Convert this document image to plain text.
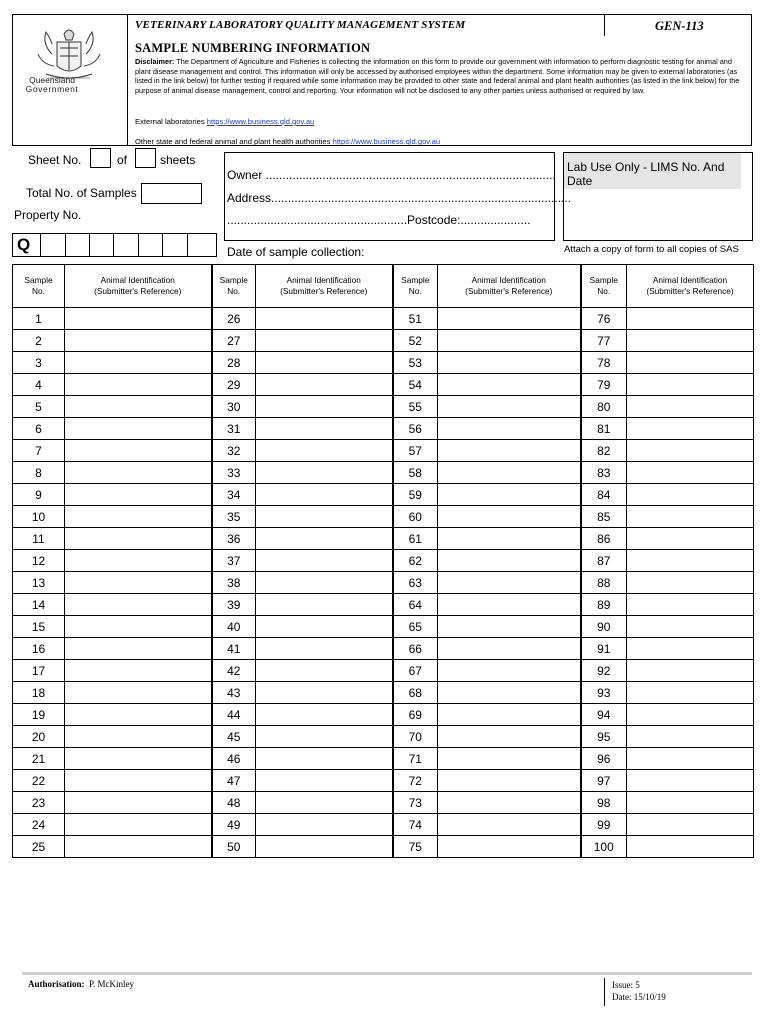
Queensland
Government
VETERINARY LABORATORY QUALITY MANAGEMENT SYSTEM	GEN-113
SAMPLE NUMBERING INFORMATION
Disclaimer: The Department of Agriculture and Fisheries is collecting the information on this form to provide our government with information to perform diagnostic testing for animal and plant disease management and control. This information will only be accessed by authorised employees within the department. Some information may be given to external laboratories (as listed in the link below) for further testing if required while some information may be provided to other state and federal animal and plant health authorities (as listed in the link below) for the purpose of animal disease management, control and reporting. Your information will not be disclosed to any other parties unless authorised or required by law.
External laboratories https://www.business.qld.gov.au
Other state and federal animal and plant health authorities https://www.business.qld.gov.au
Sheet No.	of	sheets
Total No. of Samples
Property No.
Q
Owner .......................................................................................
Address..........................................................................................
......................................................Postcode:.....................
Date of sample collection:
Lab Use Only - LIMS No. And Date
Attach a copy of form to all copies of SAS
Sample
No.	Animal Identification
(Submitter's Reference)	Sample
No.	Animal Identification
(Submitter's Reference)	Sample
No.	Animal Identification
(Submitter's Reference)	Sample
No.	Animal Identification
(Submitter's Reference)
1		26		51		76	
2		27		52		77	
3		28		53		78	
4		29		54		79	
5		30		55		80	
6		31		56		81	
7		32		57		82	
8		33		58		83	
9		34		59		84	
10		35		60		85	
11		36		61		86	
12		37		62		87	
13		38		63		88	
14		39		64		89	
15		40		65		90	
16		41		66		91	
17		42		67		92	
18		43		68		93	
19		44		69		94	
20		45		70		95	
21		46		71		96	
22		47		72		97	
23		48		73		98	
24		49		74		99	
25		50		75		100	
Authorisation: P. McKinley	Issue: 5
Date: 15/10/19
